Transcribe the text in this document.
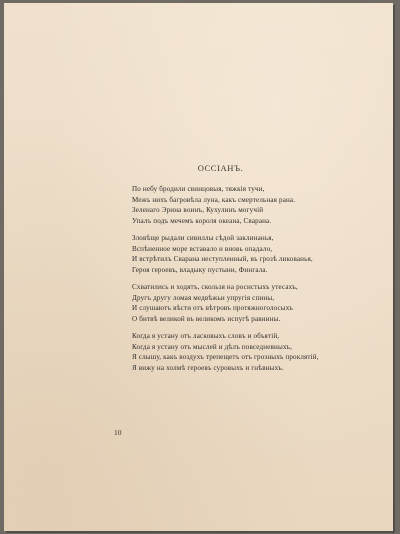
ОССІАНЪ.
По небу бродили свинцовыя, тяжкія тучи,
Межъ нихъ багровѣла луна, какъ смертельная рана.
Зеленаго Эрина воинъ, Кухулинъ могучій
Упалъ подъ мечемъ короля океана, Сварана.
Зловѣще рыдали сивиллы сѣдой заклинанья,
Вспѣненное море вставало и вновь опадало,
И встрѣтилъ Сварана неступленный, въ грозѣ ликованья,
Героя героевъ, владыку пустыни, Фингала.
Схватились и ходятъ, скользя на росистыхъ утесахъ,
Другъ другу ломая медвѣжьи упругія спины,
И слушаютъ вѣсти отъ вѣтровъ протяжноголосыхъ
О битвѣ великой въ великомъ испугѣ равнины.
Когда я устану отъ ласковыхъ словъ и объятій,
Когда я устану отъ мыслей и дѣлъ повседневныхъ,
Я слышу, какъ воздухъ трепещетъ отъ грозныхъ проклятій,
Я вижу на холмѣ героевъ суровыхъ и гнѣвныхъ.
10
